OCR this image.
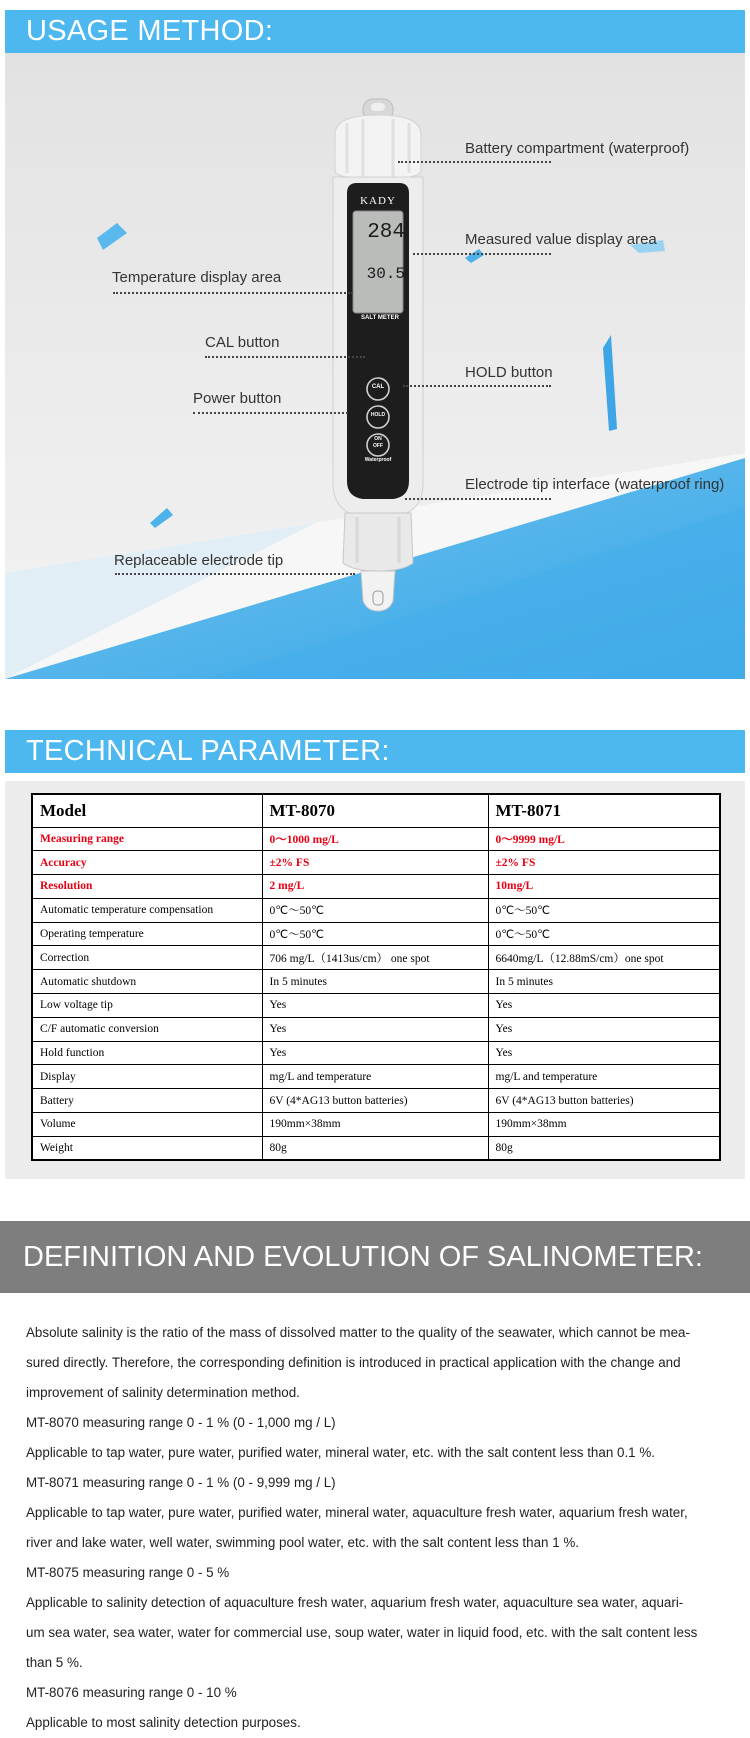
USAGE METHOD:
KADY
284
30.5
SALT METER
CAL
HOLD
ON
OFF
Waterproof
Battery compartment (waterproof)
Measured value display area
Temperature display area
CAL button
HOLD button
Power button
Electrode tip interface (waterproof ring)
Replaceable electrode tip
TECHNICAL PARAMETER:
Model	MT-8070	MT-8071
Measuring range	0～1000 mg/L	0～9999 mg/L
Accuracy	±2% FS	±2% FS
Resolution	2 mg/L	10mg/L
Automatic temperature compensation	0℃～50℃	0℃～50℃
Operating temperature	0℃～50℃	0℃～50℃
Correction	706 mg/L（1413us/cm） one spot	6640mg/L（12.88mS/cm）one spot
Automatic shutdown	In 5 minutes	In 5 minutes
Low voltage tip	Yes	Yes
C/F automatic conversion	Yes	Yes
Hold function	Yes	Yes
Display	mg/L and temperature	mg/L and temperature
Battery	6V (4*AG13 button batteries)	6V (4*AG13 button batteries)
Volume	190mm×38mm	190mm×38mm
Weight	80g	80g
DEFINITION AND EVOLUTION OF SALINOMETER:

Absolute salinity is the ratio of the mass of dissolved matter to the quality of the seawater, which cannot be mea-

sured directly. Therefore, the corresponding definition is introduced in practical application with the change and

improvement of salinity determination method.

MT-8070 measuring range 0 - 1 % (0 - 1,000 mg / L)

Applicable to tap water, pure water, purified water, mineral water, etc. with the salt content less than 0.1 %.

MT-8071 measuring range 0 - 1 % (0 - 9,999 mg / L)

Applicable to tap water, pure water, purified water, mineral water, aquaculture fresh water, aquarium fresh water,

river and lake water, well water, swimming pool water, etc. with the salt content less than 1 %.

MT-8075 measuring range 0 - 5 %

Applicable to salinity detection of aquaculture fresh water, aquarium fresh water, aquaculture sea water, aquari-

um sea water, sea water, water for commercial use, soup water, water in liquid food, etc. with the salt content less

than 5 %.

MT-8076 measuring range 0 - 10 %

Applicable to most salinity detection purposes.
